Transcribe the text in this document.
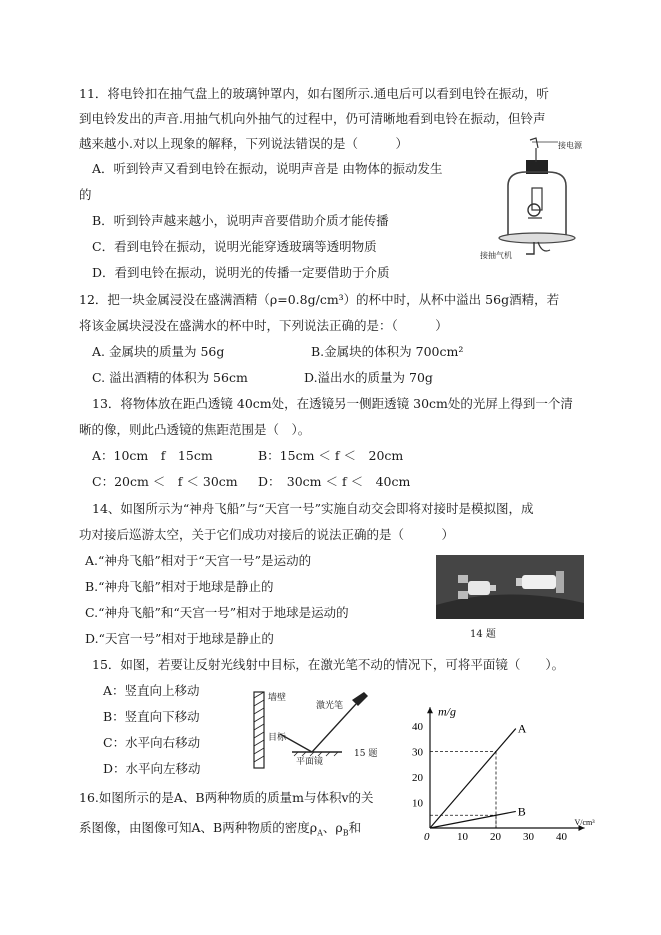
11．将电铃扣在抽气盘上的玻璃钟罩内，如右图所示.通电后可以看到电铃在振动，听
到电铃发出的声音.用抽气机向外抽气的过程中，仍可清晰地看到电铃在振动，但铃声
越来越小.对以上现象的解释，下列说法错误的是（　　　）
A．听到铃声又看到电铃在振动，说明声音是 由物体的振动发生
的
B．听到铃声越来越小，说明声音要借助介质才能传播
C．看到电铃在振动，说明光能穿透玻璃等透明物质
D．看到电铃在振动，说明光的传播一定要借助于介质
接电源
接抽气机
12．把一块金属浸没在盛满酒精（ρ=0.8g/cm³）的杯中时，从杯中溢出 56g酒精，若
将该金属块浸没在盛满水的杯中时，下列说法正确的是：（　　　）
A. 金属块的质量为 56g	B.金属块的体积为 700cm²
C. 溢出酒精的体积为 56cm	D.溢出水的质量为 70g
13．将物体放在距凸透镜 40cm处，在透镜另一侧距透镜 30cm处的光屏上得到一个清
晰的像，则此凸透镜的焦距范围是（　）。
A：10cm　f　15cm	B：15cm ＜ f ＜　20cm
C：20cm ＜　f ＜ 30cm D：　30cm ＜ f ＜　40cm
14、如图所示为“神舟飞船”与“天宫一号”实施自动交会即将对接时是模拟图，成
功对接后巡游太空，关于它们成功对接后的说法正确的是（　　　）
A.“神舟飞船”相对于“天宫一号”是运动的
B.“神舟飞船”相对于地球是静止的
C.“神舟飞船”和“天宫一号”相对于地球是运动的
D.“天宫一号”相对于地球是静止的	14 题
15．如图，若要让反射光线射中目标，在激光笔不动的情况下，可将平面镜（　　）。
A：竖直向上移动
B：竖直向下移动
C：水平向右移动
D：水平向左移动
墙壁
激光笔
目标
平面镜
15 题
16.如图所示的是A、B两种物质的质量m与体积v的关
系图像，由图像可知A、B两种物质的密度$\rho_A$、$\rho_B$和
m/g
V/cm³
0	10 20 30 40
10
20
30
40	A
B
